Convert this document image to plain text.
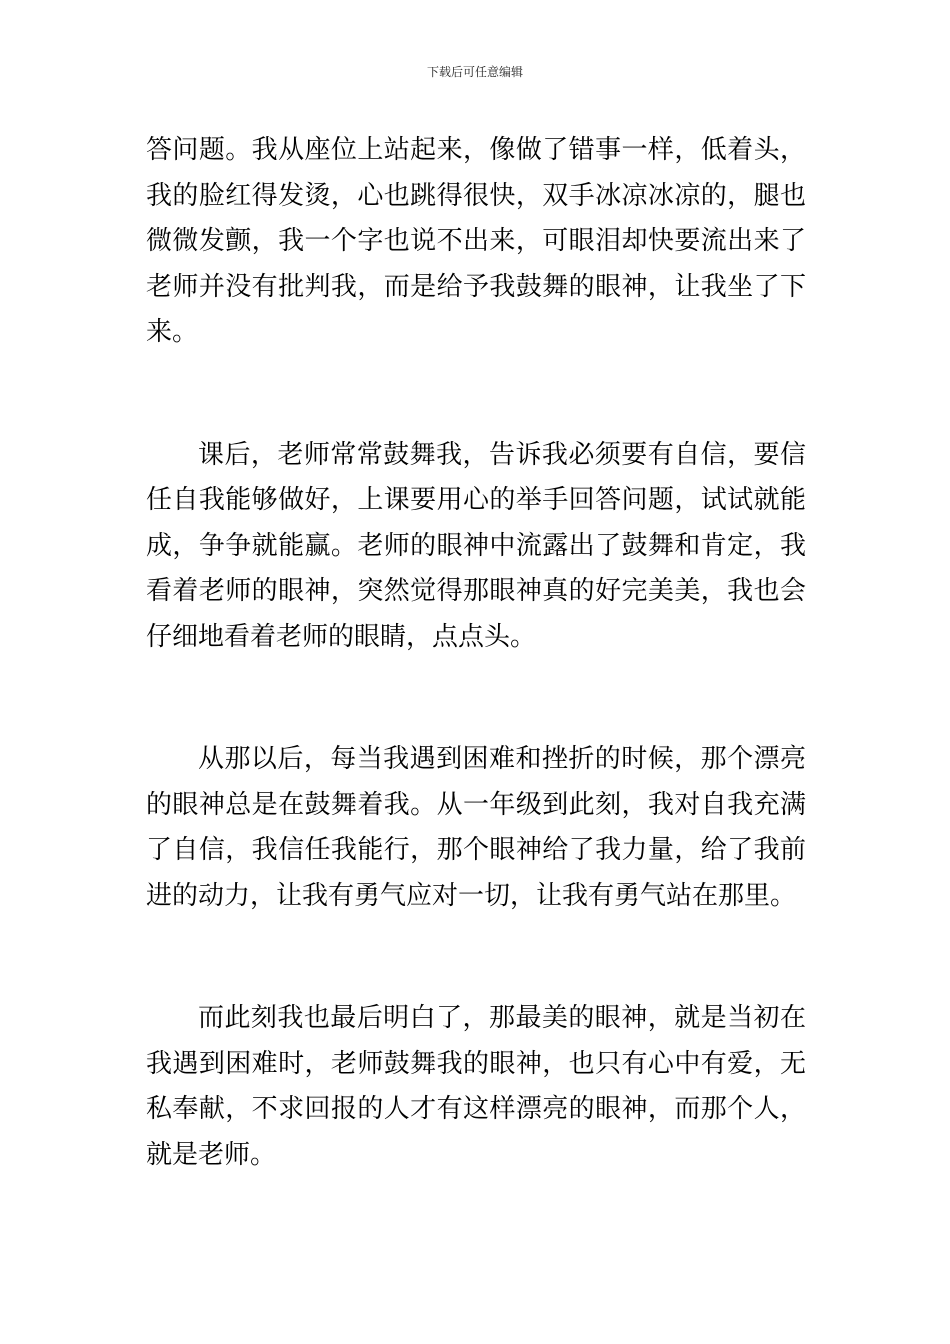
下载后可任意编辑

答问题。我从座位上站起来，像做了错事一样，低着头，我的脸红得发烫，心也跳得很快，双手冰凉冰凉的，腿也微微发颤，我一个字也说不出来，可眼泪却快要流出来了老师并没有批判我，而是给予我鼓舞的眼神，让我坐了下来。

课后，老师常常鼓舞我，告诉我必须要有自信，要信任自我能够做好，上课要用心的举手回答问题，试试就能成，争争就能赢。老师的眼神中流露出了鼓舞和肯定，我看着老师的眼神，突然觉得那眼神真的好完美美，我也会仔细地看着老师的眼睛，点点头。

从那以后，每当我遇到困难和挫折的时候，那个漂亮的眼神总是在鼓舞着我。从一年级到此刻，我对自我充满了自信，我信任我能行，那个眼神给了我力量，给了我前进的动力，让我有勇气应对一切，让我有勇气站在那里。

而此刻我也最后明白了，那最美的眼神，就是当初在我遇到困难时，老师鼓舞我的眼神，也只有心中有爱，无私奉献，不求回报的人才有这样漂亮的眼神，而那个人，就是老师。
